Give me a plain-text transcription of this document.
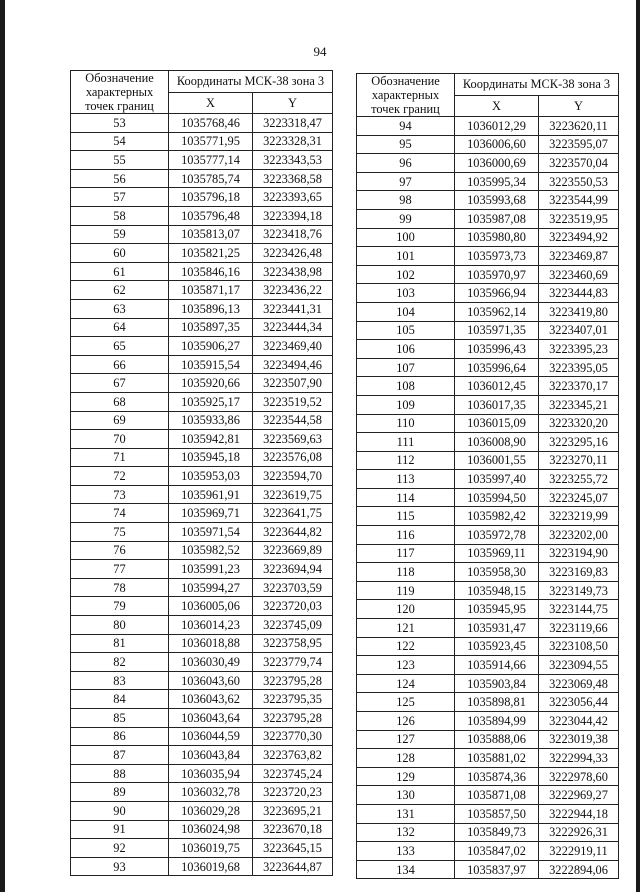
94
Обозначение характерных точек границ	Координаты МСК-38 зона 3	
	X	Y
53	1035768,46	3223318,47
54	1035771,95	3223328,31
55	1035777,14	3223343,53
56	1035785,74	3223368,58
57	1035796,18	3223393,65
58	1035796,48	3223394,18
59	1035813,07	3223418,76
60	1035821,25	3223426,48
61	1035846,16	3223438,98
62	1035871,17	3223436,22
63	1035896,13	3223441,31
64	1035897,35	3223444,34
65	1035906,27	3223469,40
66	1035915,54	3223494,46
67	1035920,66	3223507,90
68	1035925,17	3223519,52
69	1035933,86	3223544,58
70	1035942,81	3223569,63
71	1035945,18	3223576,08
72	1035953,03	3223594,70
73	1035961,91	3223619,75
74	1035969,71	3223641,75
75	1035971,54	3223644,82
76	1035982,52	3223669,89
77	1035991,23	3223694,94
78	1035994,27	3223703,59
79	1036005,06	3223720,03
80	1036014,23	3223745,09
81	1036018,88	3223758,95
82	1036030,49	3223779,74
83	1036043,60	3223795,28
84	1036043,62	3223795,35
85	1036043,64	3223795,28
86	1036044,59	3223770,30
87	1036043,84	3223763,82
88	1036035,94	3223745,24
89	1036032,78	3223720,23
90	1036029,28	3223695,21
91	1036024,98	3223670,18
92	1036019,75	3223645,15
93	1036019,68	3223644,87
Обозначение характерных точек границ	Координаты МСК-38 зона 3	
	X	Y
94	1036012,29	3223620,11
95	1036006,60	3223595,07
96	1036000,69	3223570,04
97	1035995,34	3223550,53
98	1035993,68	3223544,99
99	1035987,08	3223519,95
100	1035980,80	3223494,92
101	1035973,73	3223469,87
102	1035970,97	3223460,69
103	1035966,94	3223444,83
104	1035962,14	3223419,80
105	1035971,35	3223407,01
106	1035996,43	3223395,23
107	1035996,64	3223395,05
108	1036012,45	3223370,17
109	1036017,35	3223345,21
110	1036015,09	3223320,20
111	1036008,90	3223295,16
112	1036001,55	3223270,11
113	1035997,40	3223255,72
114	1035994,50	3223245,07
115	1035982,42	3223219,99
116	1035972,78	3223202,00
117	1035969,11	3223194,90
118	1035958,30	3223169,83
119	1035948,15	3223149,73
120	1035945,95	3223144,75
121	1035931,47	3223119,66
122	1035923,45	3223108,50
123	1035914,66	3223094,55
124	1035903,84	3223069,48
125	1035898,81	3223056,44
126	1035894,99	3223044,42
127	1035888,06	3223019,38
128	1035881,02	3222994,33
129	1035874,36	3222978,60
130	1035871,08	3222969,27
131	1035857,50	3222944,18
132	1035849,73	3222926,31
133	1035847,02	3222919,11
134	1035837,97	3222894,06
